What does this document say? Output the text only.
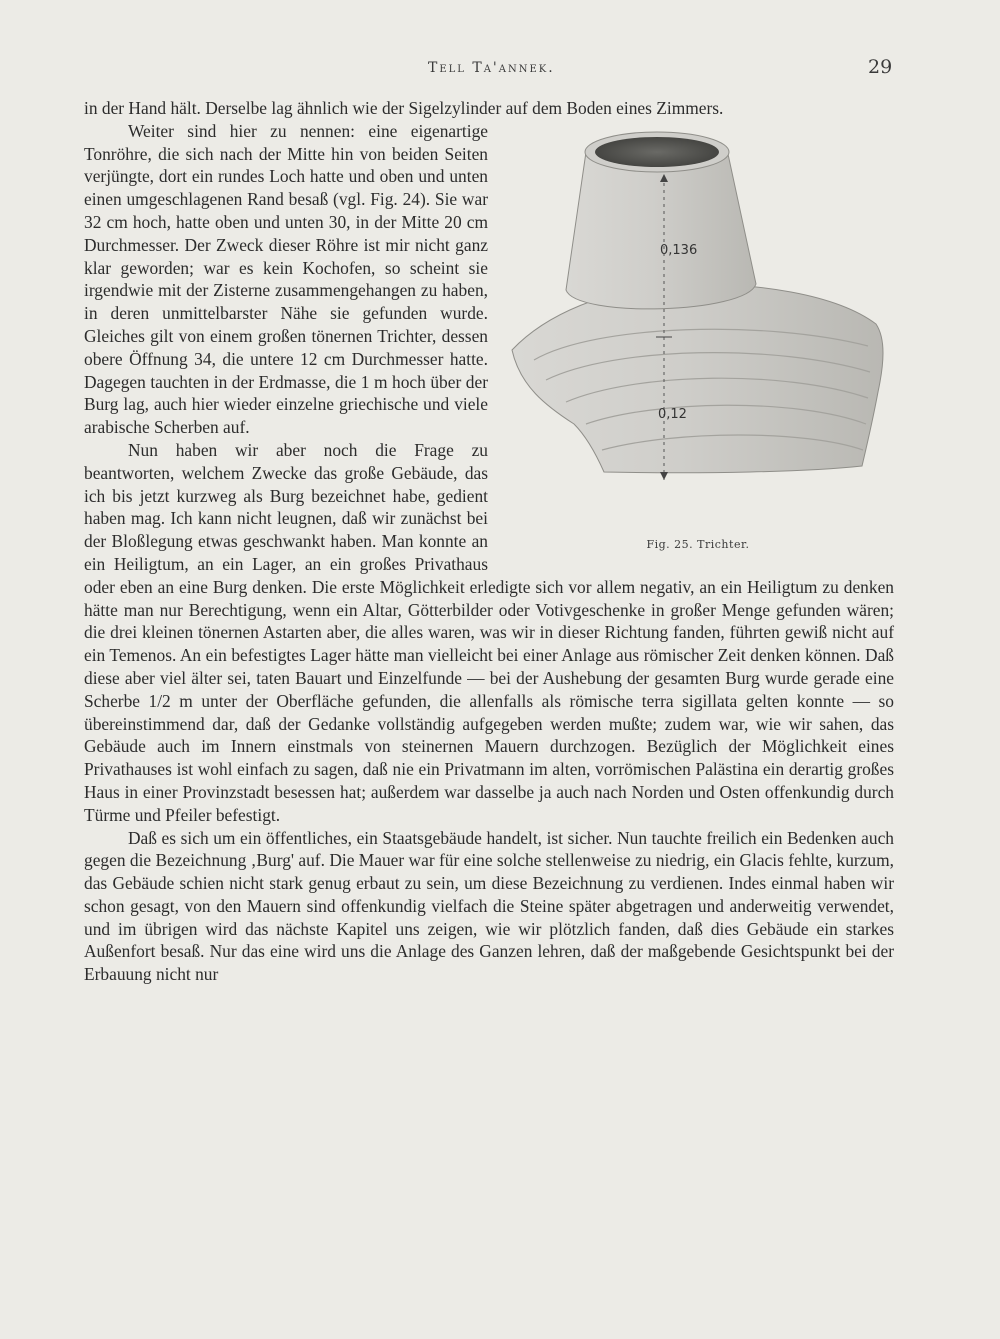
Tell Ta'annek.	29

in der Hand hält. Derselbe lag ähnlich wie der Sigelzylinder auf dem Boden eines Zimmers.

0,136
0,12
Fig. 25. Trichter.

Weiter sind hier zu nennen: eine eigenartige Tonröhre, die sich nach der Mitte hin von beiden Seiten verjüngte, dort ein rundes Loch hatte und oben und unten einen umgeschlagenen Rand besaß (vgl. Fig. 24). Sie war 32 cm hoch, hatte oben und unten 30, in der Mitte 20 cm Durchmesser. Der Zweck dieser Röhre ist mir nicht ganz klar geworden; war es kein Kochofen, so scheint sie irgendwie mit der Zisterne zusammengehangen zu haben, in deren unmittelbarster Nähe sie gefunden wurde. Gleiches gilt von einem großen tönernen Trichter, dessen obere Öffnung 34, die untere 12 cm Durchmesser hatte. Dagegen tauchten in der Erdmasse, die 1 m hoch über der Burg lag, auch hier wieder einzelne griechische und viele arabische Scherben auf.

Nun haben wir aber noch die Frage zu beantworten, welchem Zwecke das große Gebäude, das ich bis jetzt kurzweg als Burg bezeichnet habe, gedient haben mag. Ich kann nicht leugnen, daß wir zunächst bei der Bloßlegung etwas geschwankt haben. Man konnte an ein Heiligtum, an ein Lager, an ein großes Privathaus oder eben an eine Burg denken. Die erste Möglichkeit erledigte sich vor allem negativ, an ein Heiligtum zu denken hätte man nur Berechtigung, wenn ein Altar, Götterbilder oder Votivgeschenke in großer Menge gefunden wären; die drei kleinen tönernen Astarten aber, die alles waren, was wir in dieser Richtung fanden, führten gewiß nicht auf ein Temenos. An ein befestigtes Lager hätte man vielleicht bei einer Anlage aus römischer Zeit denken können. Daß diese aber viel älter sei, taten Bauart und Einzelfunde — bei der Aushebung der gesamten Burg wurde gerade eine Scherbe 1/2 m unter der Oberfläche gefunden, die allenfalls als römische terra sigillata gelten konnte — so übereinstimmend dar, daß der Gedanke vollständig aufgegeben werden mußte; zudem war, wie wir sahen, das Gebäude auch im Innern einstmals von steinernen Mauern durchzogen. Bezüglich der Möglichkeit eines Privathauses ist wohl einfach zu sagen, daß nie ein Privatmann im alten, vorrömischen Palästina ein derartig großes Haus in einer Provinzstadt besessen hat; außerdem war dasselbe ja auch nach Norden und Osten offenkundig durch Türme und Pfeiler befestigt.

Daß es sich um ein öffentliches, ein Staatsgebäude handelt, ist sicher. Nun tauchte freilich ein Bedenken auch gegen die Bezeichnung ‚Burg' auf. Die Mauer war für eine solche stellenweise zu niedrig, ein Glacis fehlte, kurzum, das Gebäude schien nicht stark genug erbaut zu sein, um diese Bezeichnung zu verdienen. Indes einmal haben wir schon gesagt, von den Mauern sind offenkundig vielfach die Steine später abgetragen und anderweitig verwendet, und im übrigen wird das nächste Kapitel uns zeigen, wie wir plötzlich fanden, daß dies Gebäude ein starkes Außenfort besaß. Nur das eine wird uns die Anlage des Ganzen lehren, daß der maßgebende Gesichtspunkt bei der Erbauung nicht nur
